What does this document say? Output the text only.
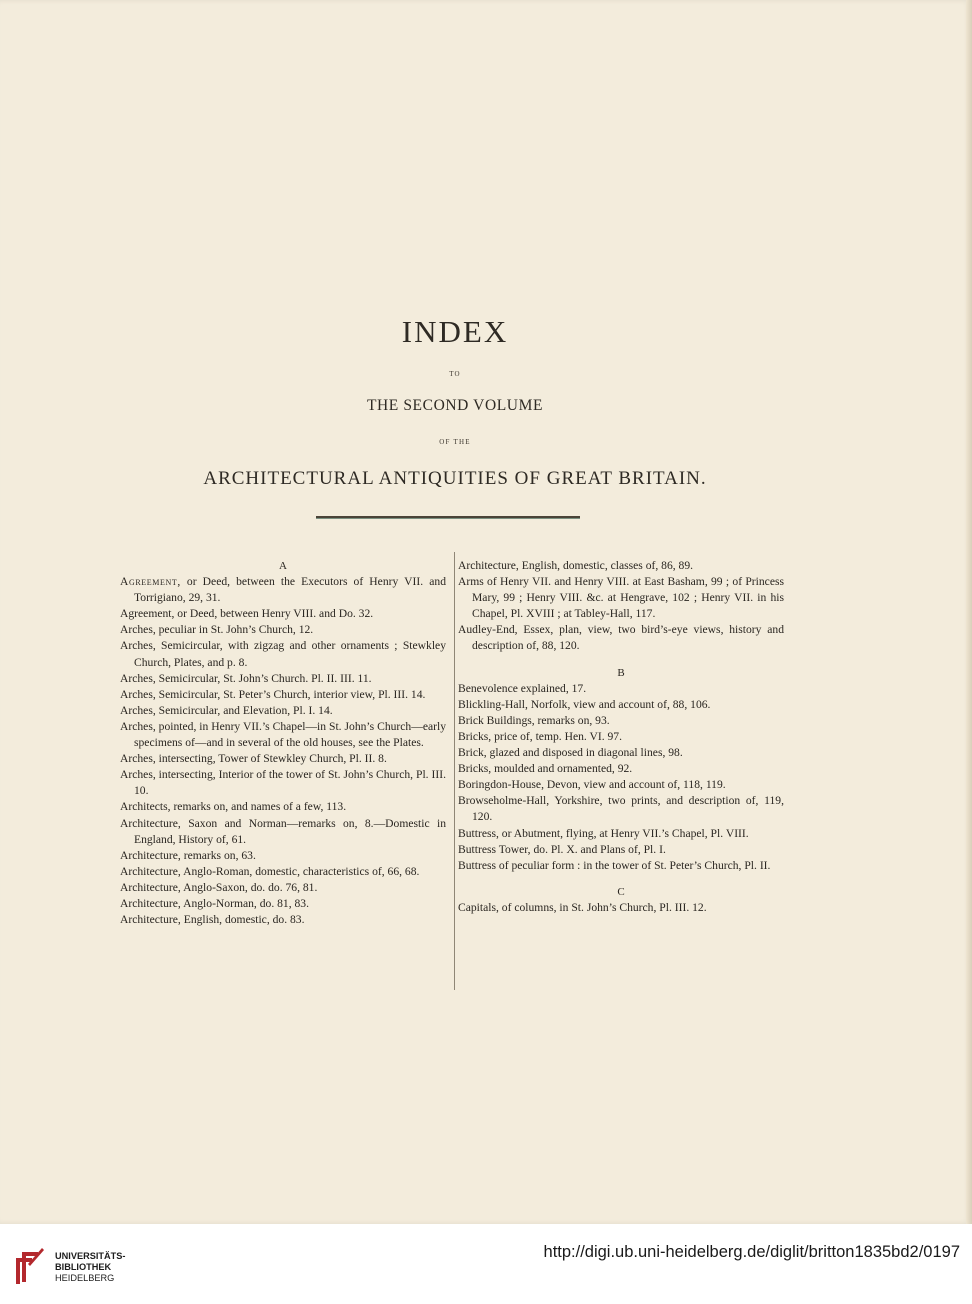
INDEX
TO
THE SECOND VOLUME
OF THE
ARCHITECTURAL ANTIQUITIES OF GREAT BRITAIN.

A

Agreement, or Deed, between the Executors of Henry VII. and Torrigiano, 29, 31.

Agreement, or Deed, between Henry VIII. and Do. 32.

Arches, peculiar in St. John’s Church, 12.

Arches, Semicircular, with zigzag and other ornaments ; Stewkley Church, Plates, and p. 8.

Arches, Semicircular, St. John’s Church. Pl. II. III. 11.

Arches, Semicircular, St. Peter’s Church, interior view, Pl. III. 14.

Arches, Semicircular, and Elevation, Pl. I. 14.

Arches, pointed, in Henry VII.’s Chapel—in St. John’s Church—early specimens of—and in several of the old houses, see the Plates.

Arches, intersecting, Tower of Stewkley Church, Pl. II. 8.

Arches, intersecting, Interior of the tower of St. John’s Church, Pl. III. 10.

Architects, remarks on, and names of a few, 113.

Architecture, Saxon and Norman—remarks on, 8.—Domestic in England, History of, 61.

Architecture, remarks on, 63.

Architecture, Anglo-Roman, domestic, characteristics of, 66, 68.

Architecture, Anglo-Saxon, do. do. 76, 81.

Architecture, Anglo-Norman, do. 81, 83.

Architecture, English, domestic, do. 83.

Architecture, English, domestic, classes of, 86, 89.

Arms of Henry VII. and Henry VIII. at East Basham, 99 ; of Princess Mary, 99 ; Henry VIII. &c. at Hengrave, 102 ; Henry VII. in his Chapel, Pl. XVIII ; at Tabley-Hall, 117.

Audley-End, Essex, plan, view, two bird’s-eye views, history and description of, 88, 120.

B

Benevolence explained, 17.

Blickling-Hall, Norfolk, view and account of, 88, 106.

Brick Buildings, remarks on, 93.

Bricks, price of, temp. Hen. VI. 97.

Brick, glazed and disposed in diagonal lines, 98.

Bricks, moulded and ornamented, 92.

Boringdon-House, Devon, view and account of, 118, 119.

Browseholme-Hall, Yorkshire, two prints, and description of, 119, 120.

Buttress, or Abutment, flying, at Henry VII.’s Chapel, Pl. VIII.

Buttress Tower, do. Pl. X. and Plans of, Pl. I.

Buttress of peculiar form : in the tower of St. Peter’s Church, Pl. II.

C

Capitals, of columns, in St. John’s Church, Pl. III. 12.

UNIVERSITÄTS-
BIBLIOTHEK
HEIDELBERG
http://digi.ub.uni-heidelberg.de/diglit/britton1835bd2/0197
